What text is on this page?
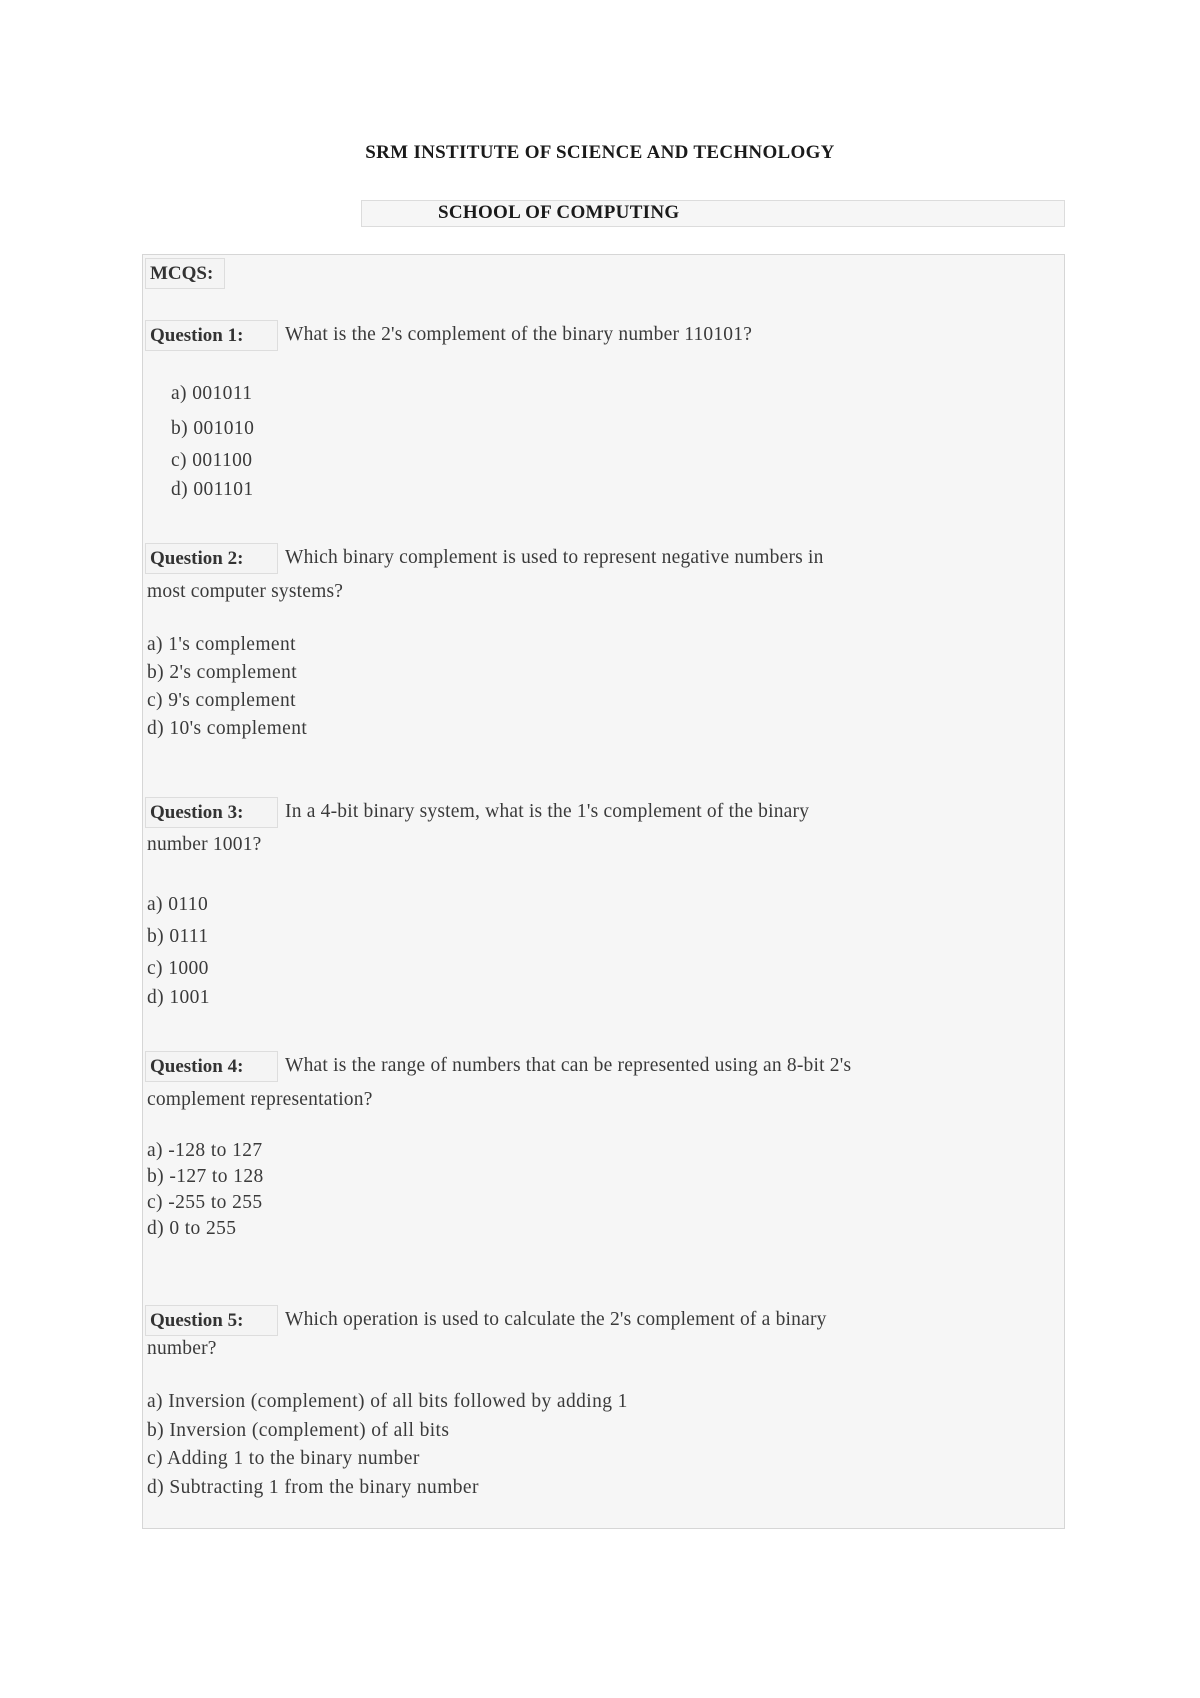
SRM INSTITUTE OF SCIENCE AND TECHNOLOGY
SCHOOL OF COMPUTING
MCQS:
Question 1:	What is the 2's complement of the binary number 110101?
a) 001011
b) 001010
c) 001100
d) 001101
Question 2:	Which binary complement is used to represent negative numbers in
most computer systems?
a) 1's complement
b) 2's complement
c) 9's complement
d) 10's complement
Question 3:	In a 4-bit binary system, what is the 1's complement of the binary
number 1001?
a) 0110
b) 0111
c) 1000
d) 1001
Question 4:	What is the range of numbers that can be represented using an 8-bit 2's
complement representation?
a) -128 to 127
b) -127 to 128
c) -255 to 255
d) 0 to 255
Question 5:	Which operation is used to calculate the 2's complement of a binary
number?
a) Inversion (complement) of all bits followed by adding 1
b) Inversion (complement) of all bits
c) Adding 1 to the binary number
d) Subtracting 1 from the binary number
